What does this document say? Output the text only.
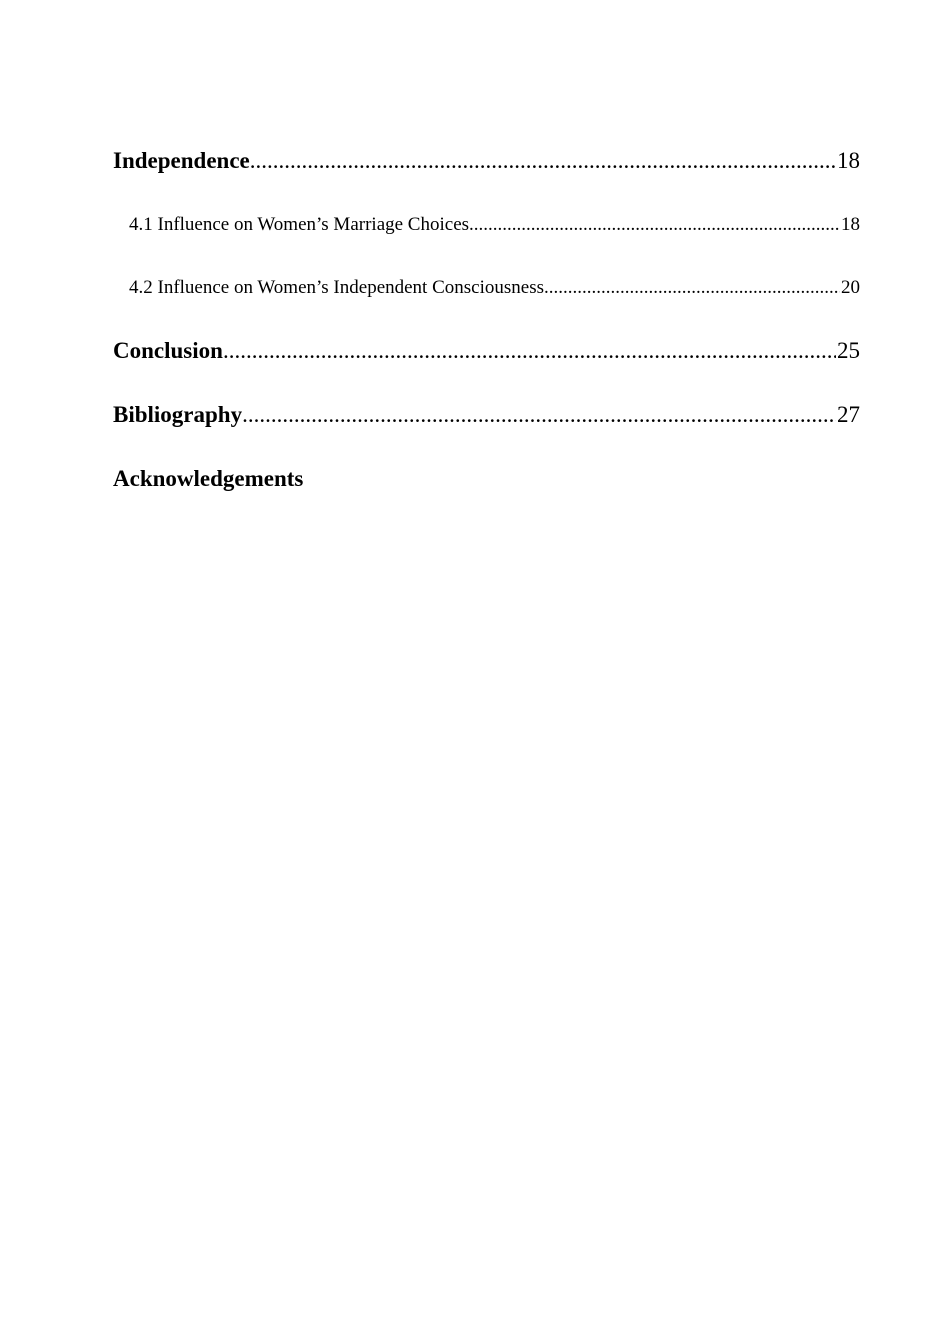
Independence .....	18
4.1 Influence on Women’s Marriage Choices .....	18
4.2 Influence on Women’s Independent Consciousness .....	20
Conclusion .....	25
Bibliography .....	27
Acknowledgements
